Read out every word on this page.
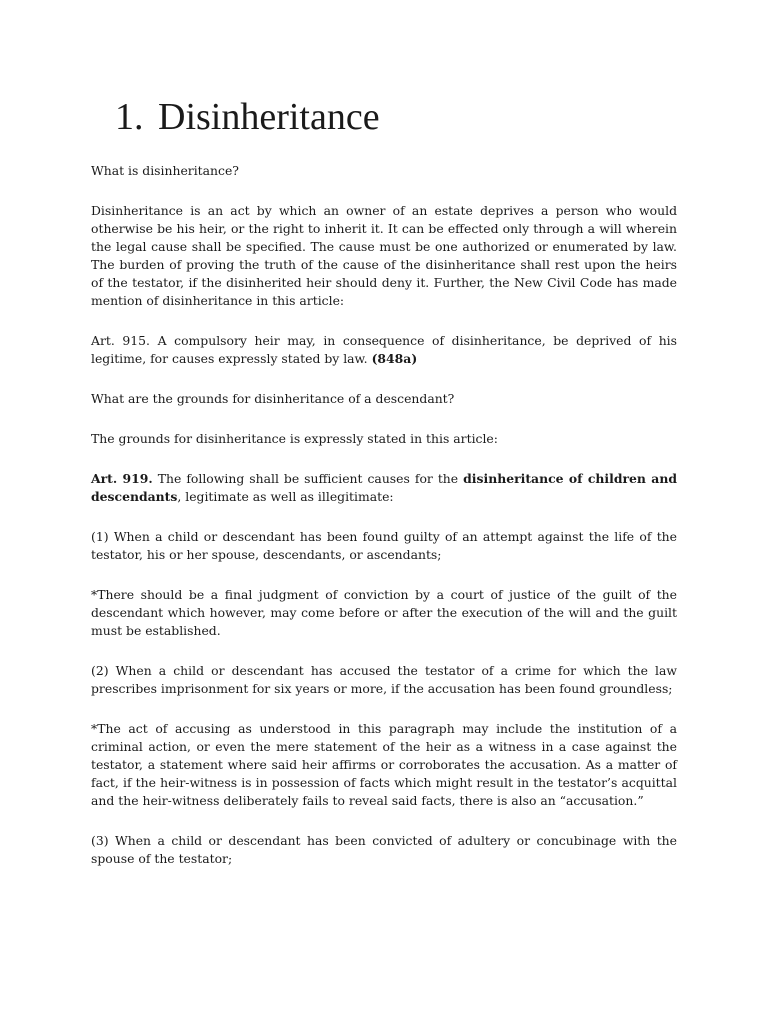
1. Disinheritance

What is disinheritance?

Disinheritance is an act by which an owner of an estate deprives a person who would otherwise be his heir, or the right to inherit it. It can be effected only through a will wherein the legal cause shall be specified. The cause must be one authorized or enumerated by law. The burden of proving the truth of the cause of the disinheritance shall rest upon the heirs of the testator, if the disinherited heir should deny it. Further, the New Civil Code has made mention of disinheritance in this article:

Art. 915. A compulsory heir may, in consequence of disinheritance, be deprived of his legitime, for causes expressly stated by law. (848a)

What are the grounds for disinheritance of a descendant?

The grounds for disinheritance is expressly stated in this article:

Art. 919. The following shall be sufficient causes for the disinheritance of children and descendants, legitimate as well as illegitimate:

(1) When a child or descendant has been found guilty of an attempt against the life of the testator, his or her spouse, descendants, or ascendants;

*There should be a final judgment of conviction by a court of justice of the guilt of the descendant which however, may come before or after the execution of the will and the guilt must be established.

(2) When a child or descendant has accused the testator of a crime for which the law prescribes imprisonment for six years or more, if the accusation has been found groundless;

*The act of accusing as understood in this paragraph may include the institution of a criminal action, or even the mere statement of the heir as a witness in a case against the testator, a statement where said heir affirms or corroborates the accusation. As a matter of fact, if the heir-witness is in possession of facts which might result in the testator’s acquittal and the heir-witness deliberately fails to reveal said facts, there is also an “accusation.”

(3) When a child or descendant has been convicted of adultery or concubinage with the spouse of the testator;
